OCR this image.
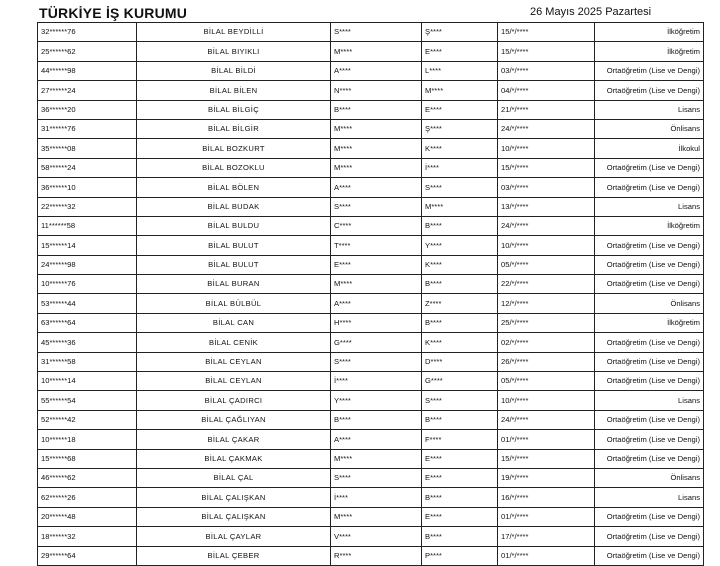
TÜRKİYE İŞ KURUMU	26 Mayıs 2025 Pazartesi
32******76	BİLAL BEYDİLLİ	S****	Ş****	15/*/****	İlköğretim
25******62	BİLAL BIYIKLI	M****	E****	15/*/****	İlköğretim
44******98	BİLAL BİLDİ	A****	L****	03/*/****	Ortaöğretim (Lise ve Dengi)
27******24	BİLAL BİLEN	N****	M****	04/*/****	Ortaöğretim (Lise ve Dengi)
36******20	BİLAL BİLGİÇ	B****	E****	21/*/****	Lisans
31******76	BİLAL BİLGİR	M****	Ş****	24/*/****	Önlisans
35******08	BİLAL BOZKURT	M****	K****	10/*/****	İlkokul
58******24	BİLAL BOZOKLU	M****	İ****	15/*/****	Ortaöğretim (Lise ve Dengi)
36******10	BİLAL BÖLEN	A****	S****	03/*/****	Ortaöğretim (Lise ve Dengi)
22******32	BİLAL BUDAK	S****	M****	13/*/****	Lisans
11******58	BİLAL BULDU	C****	B****	24/*/****	İlköğretim
15******14	BİLAL BULUT	T****	Y****	10/*/****	Ortaöğretim (Lise ve Dengi)
24******98	BİLAL BULUT	E****	K****	05/*/****	Ortaöğretim (Lise ve Dengi)
10******76	BİLAL BURAN	M****	B****	22/*/****	Ortaöğretim (Lise ve Dengi)
53******44	BİLAL BÜLBÜL	A****	Z****	12/*/****	Önlisans
63******64	BİLAL CAN	H****	B****	25/*/****	İlköğretim
45******36	BİLAL CENİK	G****	K****	02/*/****	Ortaöğretim (Lise ve Dengi)
31******58	BİLAL CEYLAN	S****	D****	26/*/****	Ortaöğretim (Lise ve Dengi)
10******14	BİLAL CEYLAN	İ****	G****	05/*/****	Ortaöğretim (Lise ve Dengi)
55******54	BİLAL ÇADIRCI	Y****	S****	10/*/****	Lisans
52******42	BİLAL ÇAĞLIYAN	B****	B****	24/*/****	Ortaöğretim (Lise ve Dengi)
10******18	BİLAL ÇAKAR	A****	F****	01/*/****	Ortaöğretim (Lise ve Dengi)
15******68	BİLAL ÇAKMAK	M****	E****	15/*/****	Ortaöğretim (Lise ve Dengi)
46******62	BİLAL ÇAL	S****	E****	19/*/****	Önlisans
62******26	BİLAL ÇALIŞKAN	İ****	B****	16/*/****	Lisans
20******48	BİLAL ÇALIŞKAN	M****	E****	01/*/****	Ortaöğretim (Lise ve Dengi)
18******32	BİLAL ÇAYLAR	V****	B****	17/*/****	Ortaöğretim (Lise ve Dengi)
29******64	BİLAL ÇEBER	R****	P****	01/*/****	Ortaöğretim (Lise ve Dengi)
